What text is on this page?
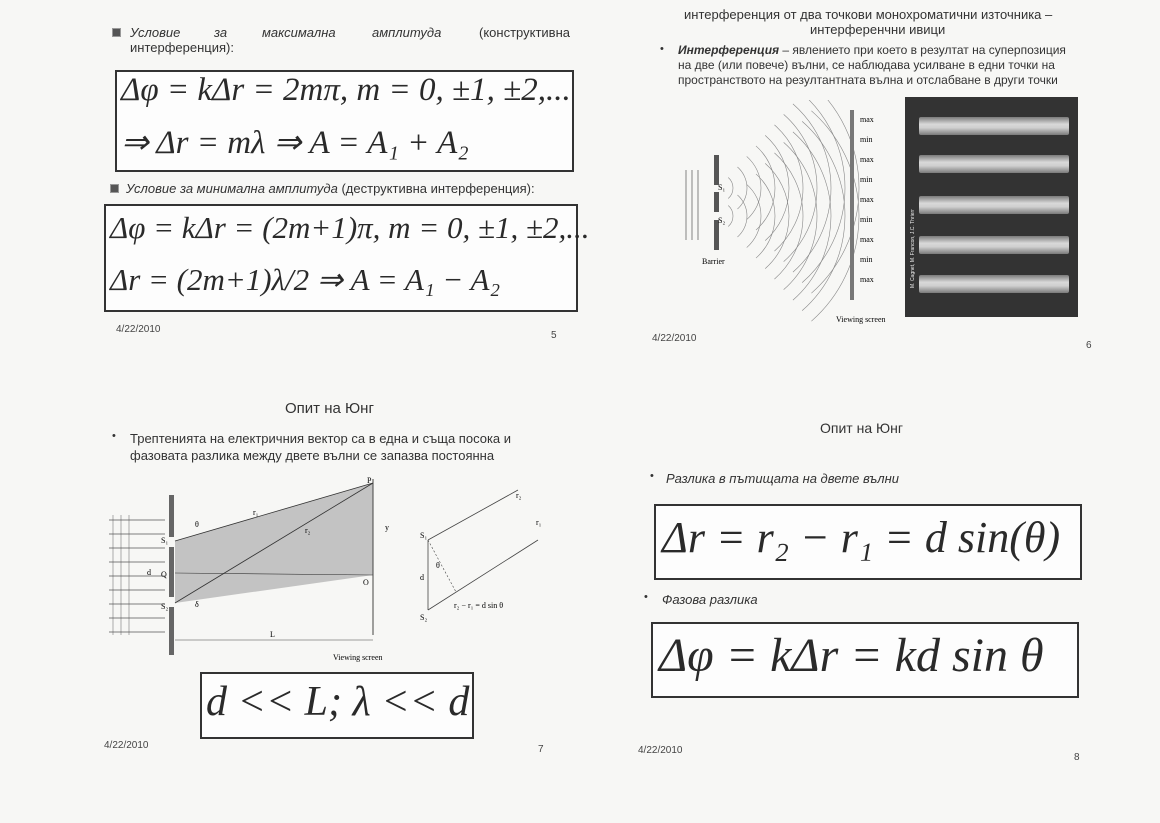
Условие	за	максимална	амплитуда	(конструктивна
интерференция):
Δφ = kΔr = 2mπ, m = 0, ±1, ±2,...
⇒ Δr = mλ ⇒ A = A₁ + A₂
Условие за минимална амплитуда (деструктивна интерференция):
Δφ = kΔr = (2m+1)π, m = 0, ±1, ±2,...
Δr = (2m+1)λ/2 ⇒ A = A₁ − A₂
4/22/2010
5
интерференция от два точкови монохроматични източника –
интерференчни ивици
• Интерференция – явлението при което в резултат на суперпозиция
на две (или повече) вълни, се наблюдава усилване в едни точки на
пространството на резултантната вълна и отслабване в други точки
S₁
S₂
Barrier
Viewing screen
max
min
max
min
max
min
max
min
max	M. Cagnet, M. Francon, J.C. Thrierr
4/22/2010
6
Опит на Юнг
• Трептенията на електричния вектор са в една и съща посока и
фазовата разлика между двете вълни се запазва постоянна
S₁
S₂
Q
d
O
P
r₁
r₂
θ
δ
y
L
Viewing screen
S₁
S₂
θ
d
r₁
r₂
r₂ − r₁ = d sin θ
d << L; λ << d
4/22/2010	7
Опит на Юнг
• Разлика в пътищата на двете вълни
Δr = r₂ − r₁ = d sin(θ)
• Фазова разлика
Δφ = kΔr = kd sin θ
4/22/2010
8
